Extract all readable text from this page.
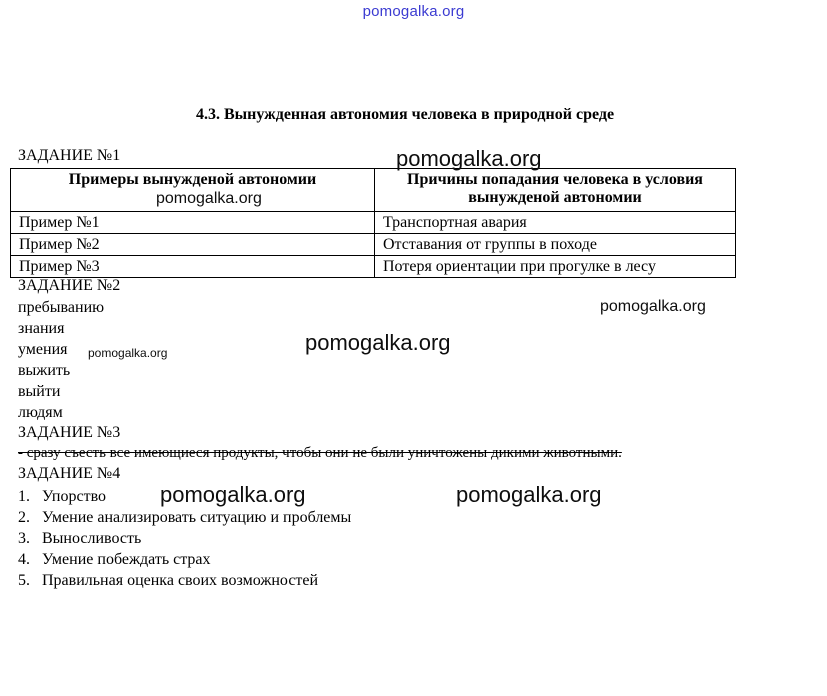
pomogalka.org
4.3. Вынужденная автономия человека в природной среде
ЗАДАНИЕ №1
Примеры вынужденой автономии	Причины попадания человека в условия вынужденой автономии
Пример №1	Транспортная авария
Пример №2	Отставания от группы в походе
Пример №3	Потеря ориентации при прогулке в лесу
ЗАДАНИЕ №2
пребыванию
знания
умения
выжить
выйти
людям
ЗАДАНИЕ №3
- сразу съесть все имеющиеся продукты, чтобы они не были уничтожены дикими животными.
ЗАДАНИЕ №4
1. Упорство
2. Умение анализировать ситуацию и проблемы
3. Выносливость
4. Умение побеждать страх
5. Правильная оценка своих возможностей
pomogalka.org
pomogalka.org
pomogalka.org
pomogalka.org
pomogalka.org
pomogalka.org	pomogalka.org
